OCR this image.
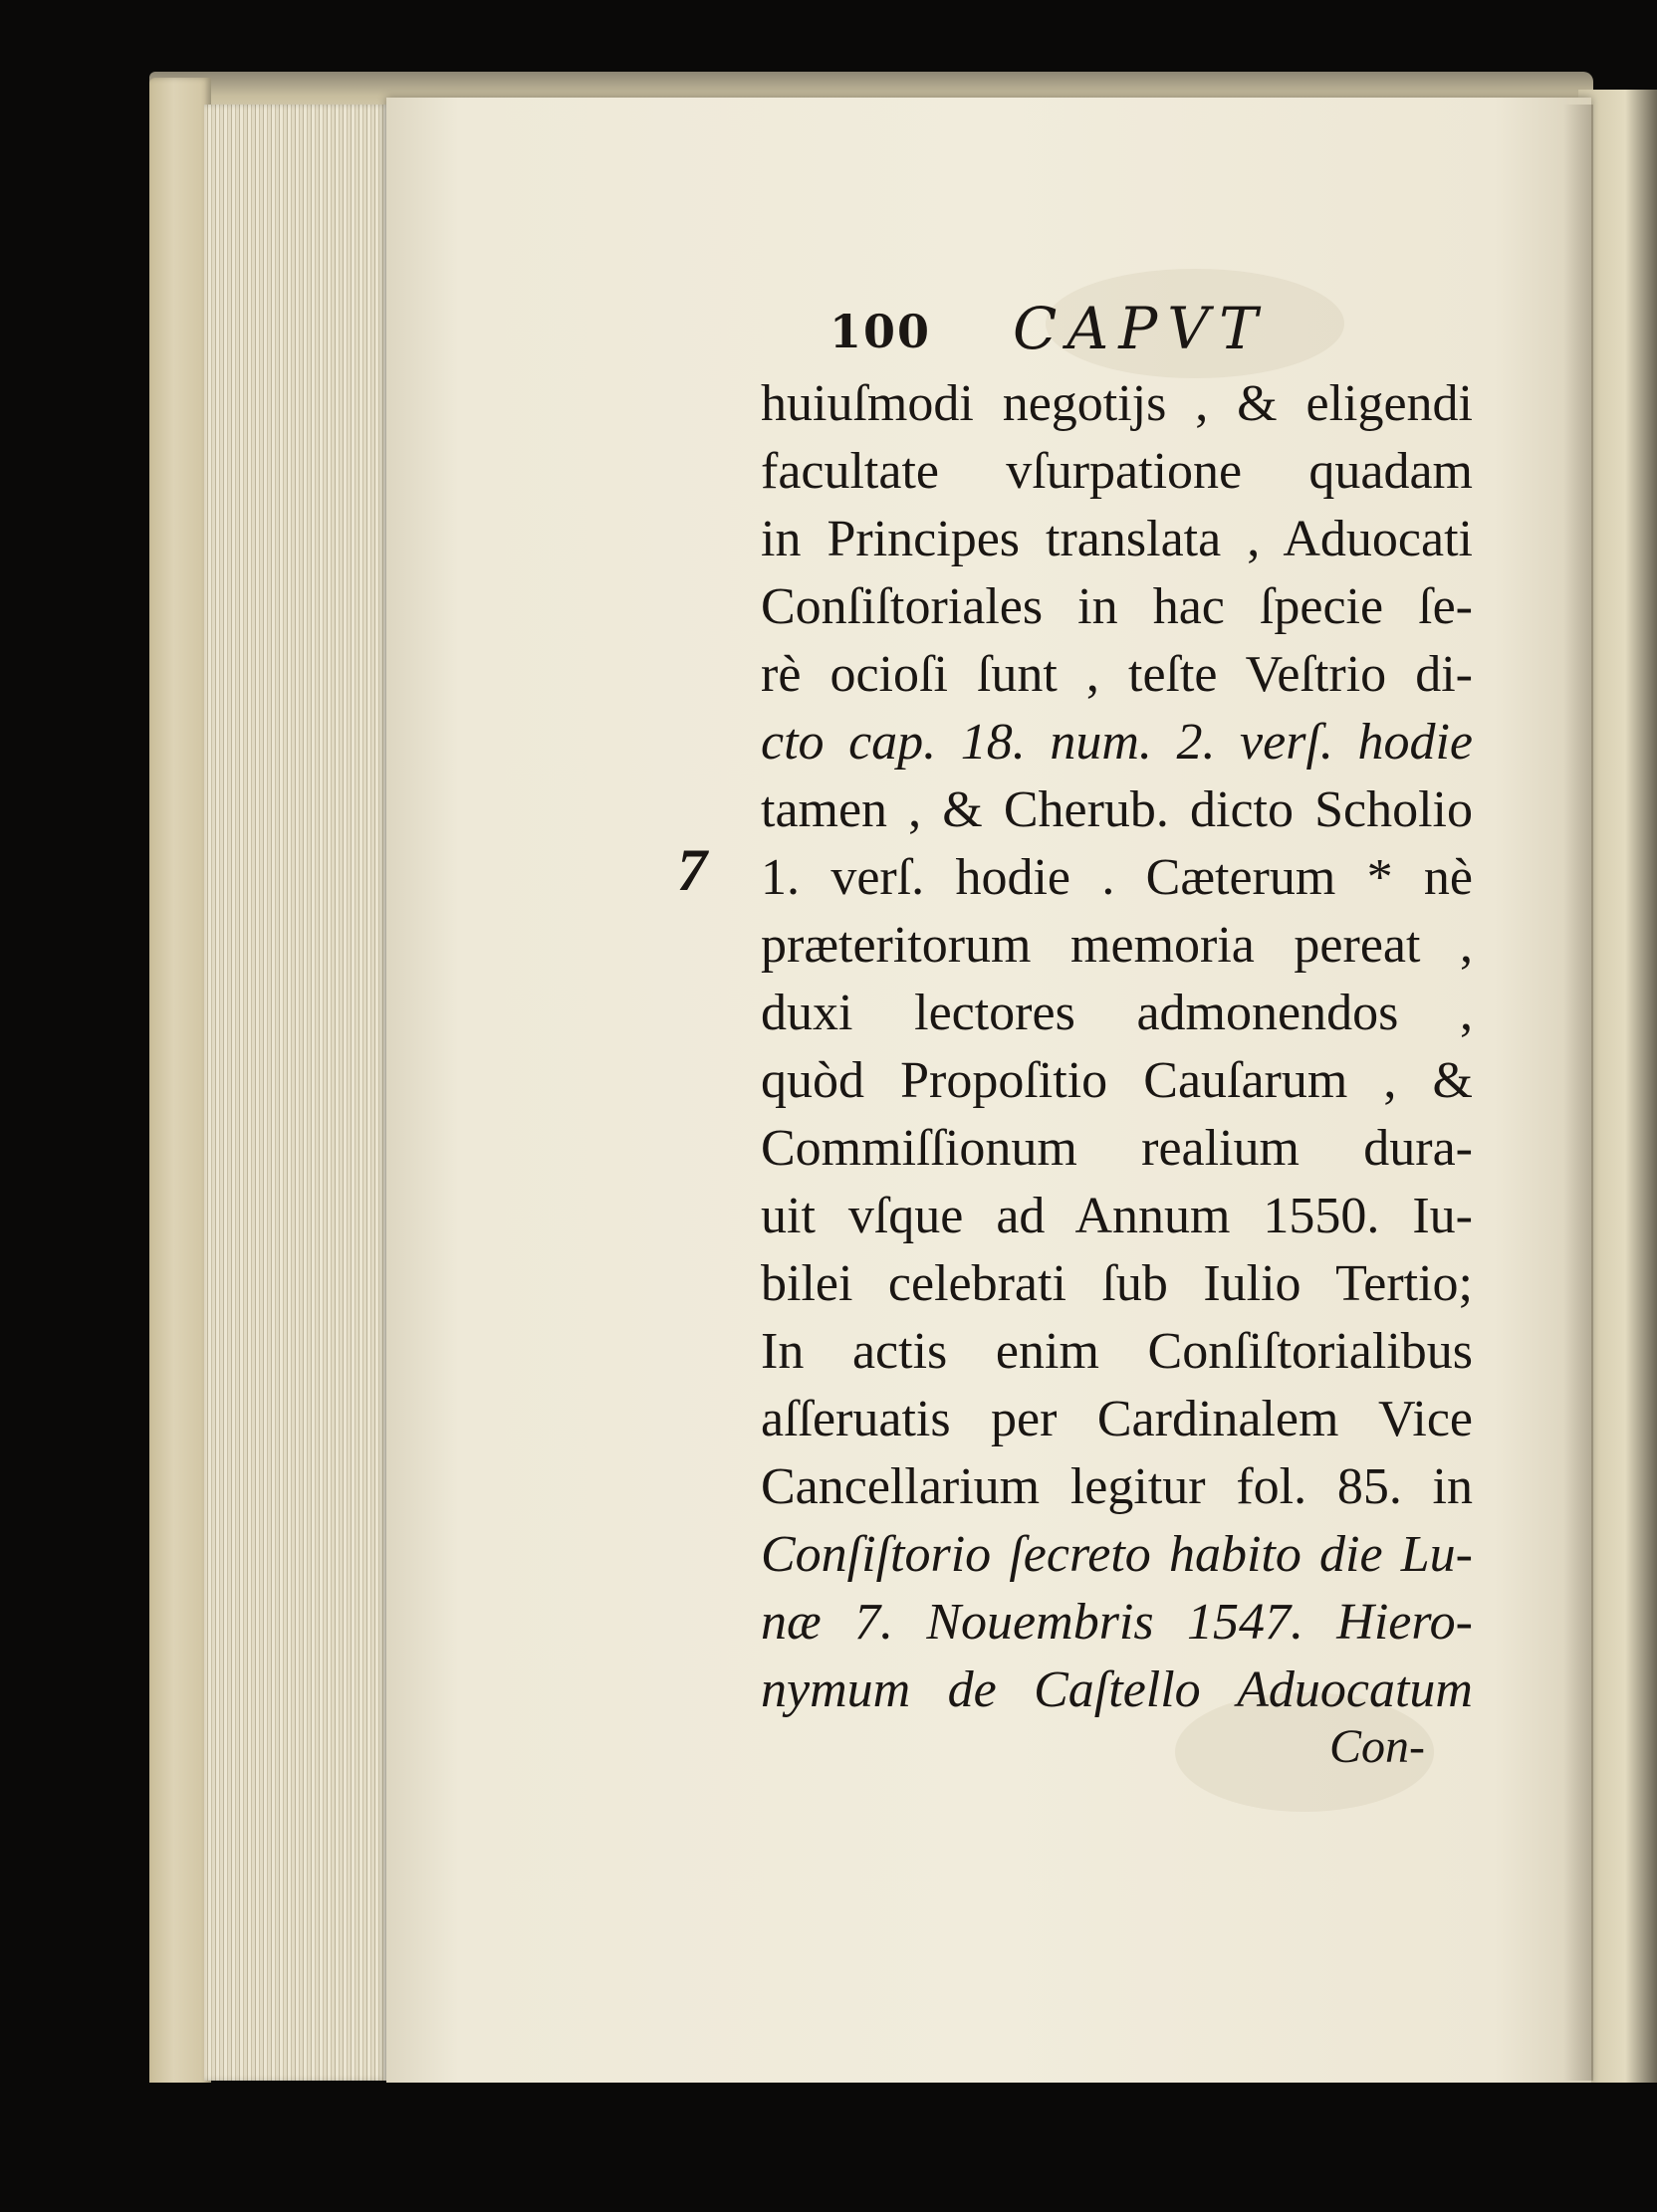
100 CAPVT
7
huiuſmodi negotijs , & eligendi
facultate vſurpatione quadam
in Principes translata , Aduocati
Conſiſtoriales in hac ſpecie ſe-
rè ocioſi ſunt , teſte Veſtrio di-
cto cap. 18. num. 2. verſ. hodie
tamen , & Cherub. dicto Scholio
1. verſ. hodie . Cæterum * nè
præteritorum memoria pereat ,
duxi lectores admonendos ,
quòd Propoſitio Cauſarum , &
Commiſſionum realium dura-
uit vſque ad Annum 1550. Iu-
bilei celebrati ſub Iulio Tertio;
In actis enim Conſiſtorialibus
aſſeruatis per Cardinalem Vice
Cancellarium legitur fol. 85. in
Conſiſtorio ſecreto habito die Lu-
næ 7. Nouembris 1547. Hiero-
nymum de Caſtello Aduocatum
Con-
